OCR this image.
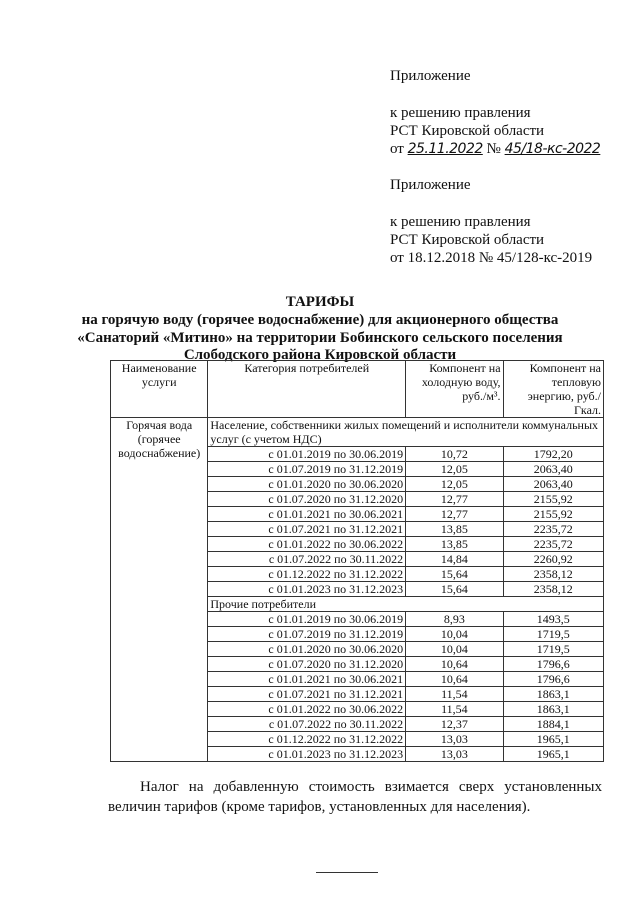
Приложение
к решению правления
РСТ Кировской области
от 25.11.2022 № 45/18-кс-2022
Приложение
к решению правления
РСТ Кировской области
от 18.12.2018 № 45/128-кс-2019
ТАРИФЫ
на горячую воду (горячее водоснабжение) для акционерного общества
«Санаторий «Митино» на территории Бобинского сельского поселения
Слободского района Кировской области
Наименование услуги	Категория потребителей	Компонент на холодную воду, руб./м³.	Компонент на тепловую энергию, руб./Гкал.
Горячая вода (горячее водоснабжение)	Население, собственники жилых помещений и исполнители коммунальных услуг (с учетом НДС)		
	с 01.01.2019 по 30.06.2019	10,72	1792,20
	с 01.07.2019 по 31.12.2019	12,05	2063,40
	с 01.01.2020 по 30.06.2020	12,05	2063,40
	с 01.07.2020 по 31.12.2020	12,77	2155,92
	с 01.01.2021 по 30.06.2021	12,77	2155,92
	с 01.07.2021 по 31.12.2021	13,85	2235,72
	с 01.01.2022 по 30.06.2022	13,85	2235,72
	с 01.07.2022 по 30.11.2022	14,84	2260,92
	с 01.12.2022 по 31.12.2022	15,64	2358,12
	с 01.01.2023 по 31.12.2023	15,64	2358,12
	Прочие потребители		
	с 01.01.2019 по 30.06.2019	8,93	1493,5
	с 01.07.2019 по 31.12.2019	10,04	1719,5
	с 01.01.2020 по 30.06.2020	10,04	1719,5
	с 01.07.2020 по 31.12.2020	10,64	1796,6
	с 01.01.2021 по 30.06.2021	10,64	1796,6
	с 01.07.2021 по 31.12.2021	11,54	1863,1
	с 01.01.2022 по 30.06.2022	11,54	1863,1
	с 01.07.2022 по 30.11.2022	12,37	1884,1
	с 01.12.2022 по 31.12.2022	13,03	1965,1
	с 01.01.2023 по 31.12.2023	13,03	1965,1
Налог на добавленную стоимость взимается сверх установленных величин тарифов (кроме тарифов, установленных для населения).
